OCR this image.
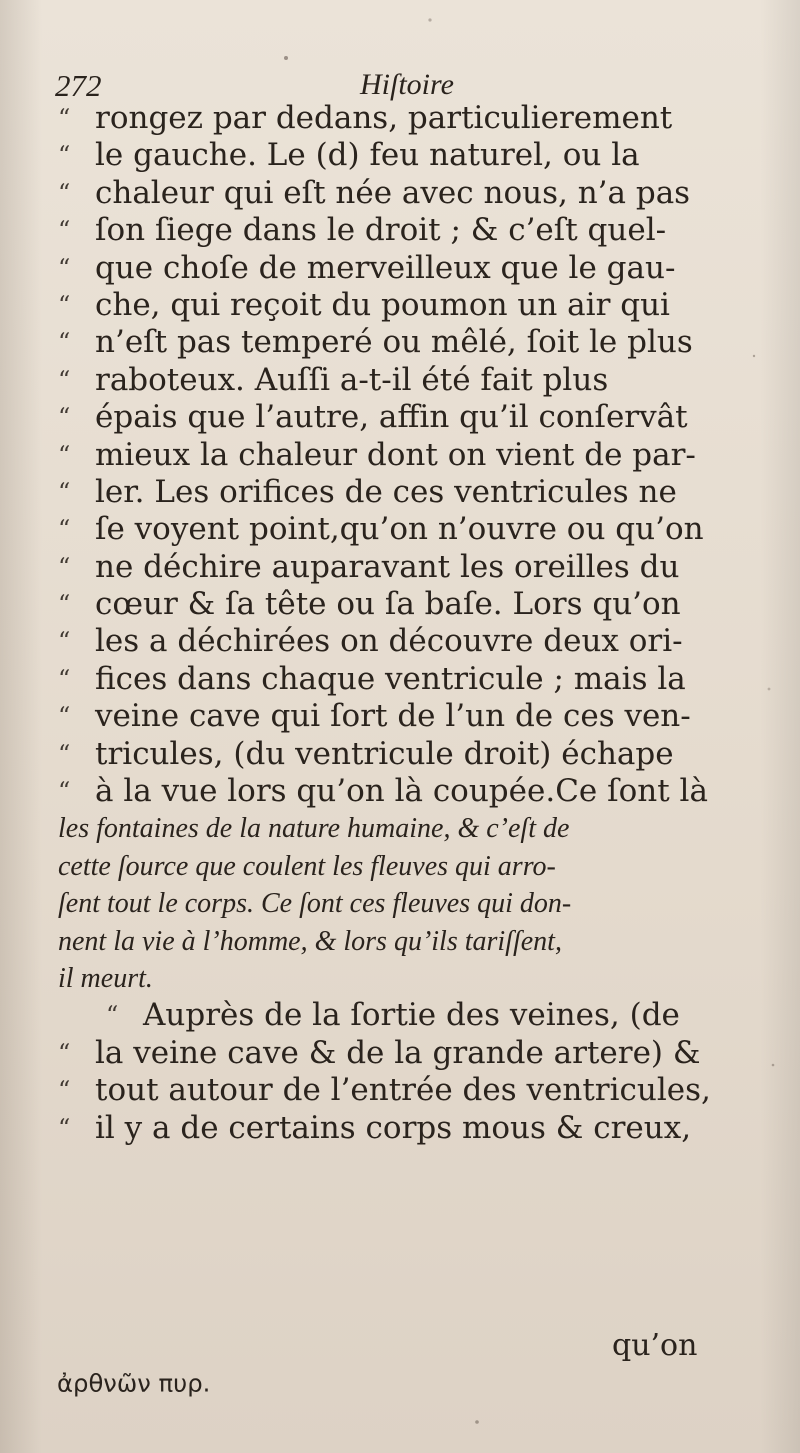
272	Hiſtoire
“ rongez par dedans, particulierement
“ le gauche. Le (d) feu naturel, ou la
“ chaleur qui eſt née avec nous, n’a pas
“ ſon ſiege dans le droit ; & c’eſt quel-
“ que choſe de merveilleux que le gau-
“ che, qui reçoit du poumon un air qui
“ n’eſt pas temperé ou mêlé, ſoit le plus
“ raboteux. Auſſi a-t-il été fait plus
“ épais que l’autre, affin qu’il conſervât
“ mieux la chaleur dont on vient de par-
“ ler. Les orifices de ces ventricules ne
“ ſe voyent point,qu’on n’ouvre ou qu’on
“ ne déchire auparavant les oreilles du
“ cœur & ſa tête ou ſa baſe. Lors qu’on
“ les a déchirées on découvre deux ori-
“ fices dans chaque ventricule ; mais la
“ veine cave qui ſort de l’un de ces ven-
“ tricules, (du ventricule droit) échape
“ à la vue lors qu’on là coupée.Ce ſont là
les fontaines de la nature humaine, & c’eſt de
cette ſource que coulent les fleuves qui arro-
ſent tout le corps. Ce ſont ces fleuves qui don-
nent la vie à l’homme, & lors qu’ils tariſſent,
il meurt.
“ Auprès de la ſortie des veines, (de
“ la veine cave & de la grande artere) &
“ tout autour de l’entrée des ventricules,
“ il y a de certains corps mous & creux,
qu’on
ἀρθνῶν πυρ.
